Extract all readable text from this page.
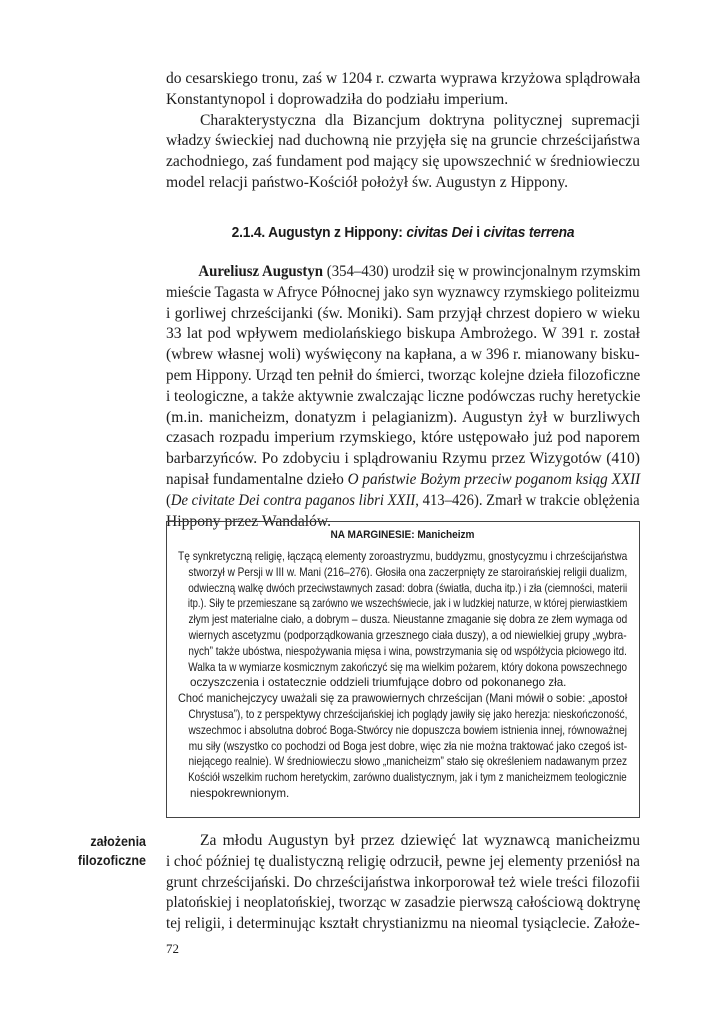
do cesarskiego tronu, zaś w 1204 r. czwarta wyprawa krzyżowa splądrowała
Konstantynopol i doprowadziła do podziału imperium.
Charakterystyczna dla Bizancjum doktryna politycznej supremacji
władzy świeckiej nad duchowną nie przyjęła się na gruncie chrześcijaństwa
zachodniego, zaś fundament pod mający się upowszechnić w średniowieczu
model relacji państwo-Kościół położył św. Augustyn z Hippony.
2.1.4. Augustyn z Hippony: civitas Dei i civitas terrena
Aureliusz Augustyn (354–430) urodził się w prowincjonalnym rzymskim
mieście Tagasta w Afryce Północnej jako syn wyznawcy rzymskiego politeizmu
i gorliwej chrześcijanki (św. Moniki). Sam przyjął chrzest dopiero w wieku
33 lat pod wpływem mediolańskiego biskupa Ambrożego. W 391 r. został
(wbrew własnej woli) wyświęcony na kapłana, a w 396 r. mianowany bisku-
pem Hippony. Urząd ten pełnił do śmierci, tworząc kolejne dzieła filozoficzne
i teologiczne, a także aktywnie zwalczając liczne podówczas ruchy heretyckie
(m.in. manicheizm, donatyzm i pelagianizm). Augustyn żył w burzliwych
czasach rozpadu imperium rzymskiego, które ustępowało już pod naporem
barbarzyńców. Po zdobyciu i splądrowaniu Rzymu przez Wizygotów (410)
napisał fundamentalne dzieło O państwie Bożym przeciw poganom ksiąg XXII
(De civitate Dei contra paganos libri XXII, 413–426). Zmarł w trakcie oblężenia
Hippony przez Wandalów.
NA MARGINESIE: Manicheizm
Tę synkretyczną religię, łączącą elementy zoroastryzmu, buddyzmu, gnostycyzmu i chrześcijaństwa
stworzył w Persji w III w. Mani (216–276). Głosiła ona zaczerpnięty ze staroirańskiej religii dualizm,
odwieczną walkę dwóch przeciwstawnych zasad: dobra (światła, ducha itp.) i zła (ciemności, materii
itp.). Siły te przemieszane są zarówno we wszechświecie, jak i w ludzkiej naturze, w której pierwiastkiem
złym jest materialne ciało, a dobrym – dusza. Nieustanne zmaganie się dobra ze złem wymaga od
wiernych ascetyzmu (podporządkowania grzesznego ciała duszy), a od niewielkiej grupy „wybra-
nych” także ubóstwa, niespożywania mięsa i wina, powstrzymania się od współżycia płciowego itd.
Walka ta w wymiarze kosmicznym zakończyć się ma wielkim pożarem, który dokona powszechnego
oczyszczenia i ostatecznie oddzieli triumfujące dobro od pokonanego zła.
Choć manichejczycy uważali się za prawowiernych chrześcijan (Mani mówił o sobie: „apostoł
Chrystusa”), to z perspektywy chrześcijańskiej ich poglądy jawiły się jako herezja: nieskończoność,
wszechmoc i absolutna dobroć Boga-Stwórcy nie dopuszcza bowiem istnienia innej, równoważnej
mu siły (wszystko co pochodzi od Boga jest dobre, więc zła nie można traktować jako czegoś ist-
niejącego realnie). W średniowieczu słowo „manicheizm” stało się określeniem nadawanym przez
Kościół wszelkim ruchom heretyckim, zarówno dualistycznym, jak i tym z manicheizmem teologicznie
niespokrewnionym.
założenia
filozoficzne
Za młodu Augustyn był przez dziewięć lat wyznawcą manicheizmu
i choć później tę dualistyczną religię odrzucił, pewne jej elementy przeniósł na
grunt chrześcijański. Do chrześcijaństwa inkorporował też wiele treści filozofii
platońskiej i neoplatońskiej, tworząc w zasadzie pierwszą całościową doktrynę
tej religii, i determinując kształt chrystianizmu na nieomal tysiąclecie. Założe-
72
